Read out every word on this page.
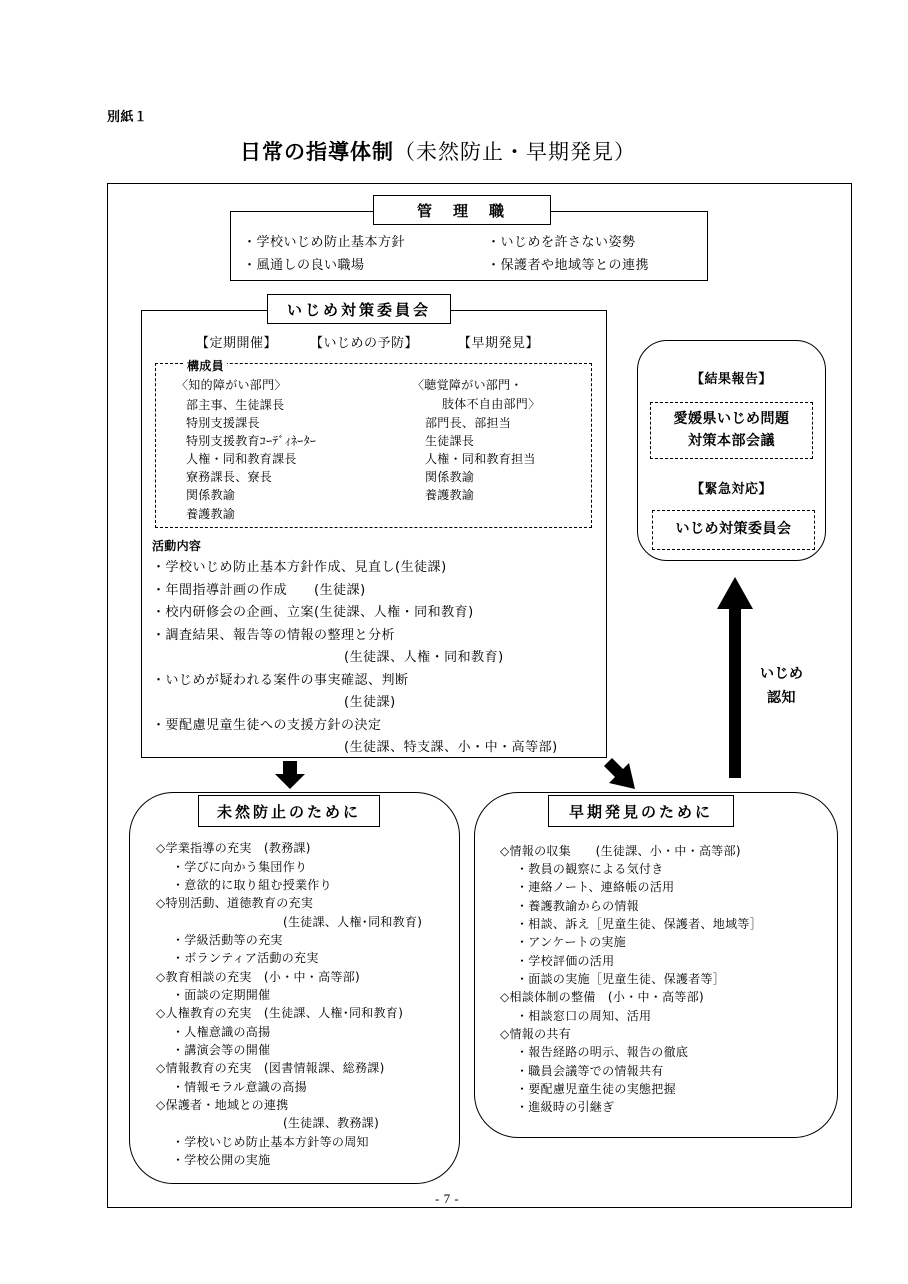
別紙１
日常の指導体制（未然防止・早期発見）
管　理　職
・学校いじめ防止基本方針	・いじめを許さない姿勢
・風通しの良い職場	・保護者や地域等との連携
いじめ対策委員会
【定期開催】	【いじめの予防】	【早期発見】
構成員
〈知的障がい部門〉
部主事、生徒課長
特別支援課長
特別支援教育ｺｰﾃﾞｨﾈｰﾀｰ
人権・同和教育課長
寮務課長、寮長
関係教諭
養護教諭
〈聴覚障がい部門・
肢体不自由部門〉
部門長、部担当
生徒課長
人権・同和教育担当
関係教諭
養護教諭
活動内容
・学校いじめ防止基本方針作成、見直し(生徒課)
・年間指導計画の作成　　(生徒課)
・校内研修会の企画、立案(生徒課、人権・同和教育)
・調査結果、報告等の情報の整理と分析
(生徒課、人権・同和教育)
・いじめが疑われる案件の事実確認、判断
(生徒課)
・要配慮児童生徒への支援方針の決定
(生徒課、特支課、小・中・高等部)
【結果報告】
愛媛県いじめ問題
対策本部会議
【緊急対応】
いじめ対策委員会
いじめ
認知
未然防止のために
◇学業指導の充実　(教務課)
・学びに向かう集団作り
・意欲的に取り組む授業作り
◇特別活動、道徳教育の充実
(生徒課、人権･同和教育)
・学級活動等の充実
・ボランティア活動の充実
◇教育相談の充実　(小・中・高等部)
・面談の定期開催
◇人権教育の充実　(生徒課、人権･同和教育)
・人権意識の高揚
・講演会等の開催
◇情報教育の充実　(図書情報課、総務課)
・情報モラル意識の高揚
◇保護者・地域との連携
(生徒課、教務課)
・学校いじめ防止基本方針等の周知
・学校公開の実施
早期発見のために
◇情報の収集　　(生徒課、小・中・高等部)
・教員の観察による気付き
・連絡ノート、連絡帳の活用
・養護教諭からの情報
・相談、訴え［児童生徒、保護者、地域等］
・アンケートの実施
・学校評価の活用
・面談の実施［児童生徒、保護者等］
◇相談体制の整備　(小・中・高等部)
・相談窓口の周知、活用
◇情報の共有
・報告経路の明示、報告の徹底
・職員会議等での情報共有
・要配慮児童生徒の実態把握
・進級時の引継ぎ
- 7 -
